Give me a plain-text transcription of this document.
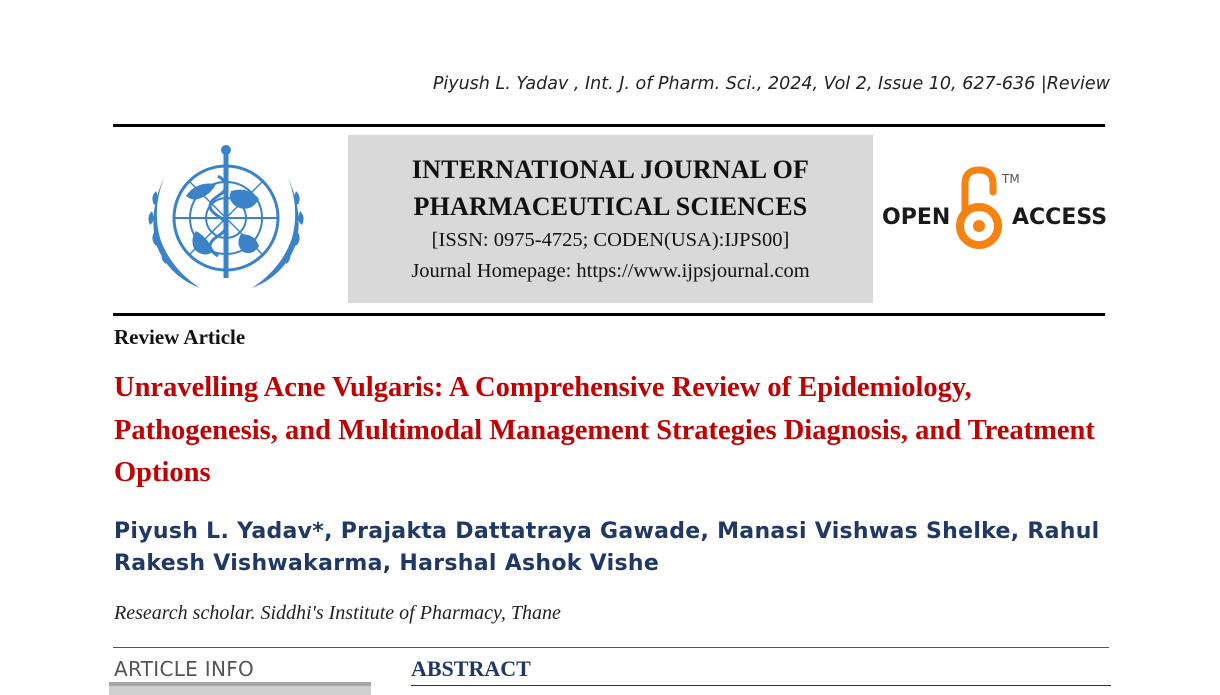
Piyush L. Yadav , Int. J. of Pharm. Sci., 2024, Vol 2, Issue 10, 627-636 |Review
INTERNATIONAL JOURNAL OF
PHARMACEUTICAL SCIENCES
[ISSN: 0975-4725; CODEN(USA):IJPS00]
Journal Homepage: https://www.ijpsjournal.com
OPEN	ACCESS
TM
Review Article
Unravelling Acne Vulgaris: A Comprehensive Review of Epidemiology, Pathogenesis, and Multimodal Management Strategies Diagnosis, and Treatment Options
Piyush L. Yadav*, Prajakta Dattatraya Gawade, Manasi Vishwas Shelke, Rahul Rakesh Vishwakarma, Harshal Ashok Vishe
Research scholar. Siddhi's Institute of Pharmacy, Thane
ARTICLE INFO	ABSTRACT
